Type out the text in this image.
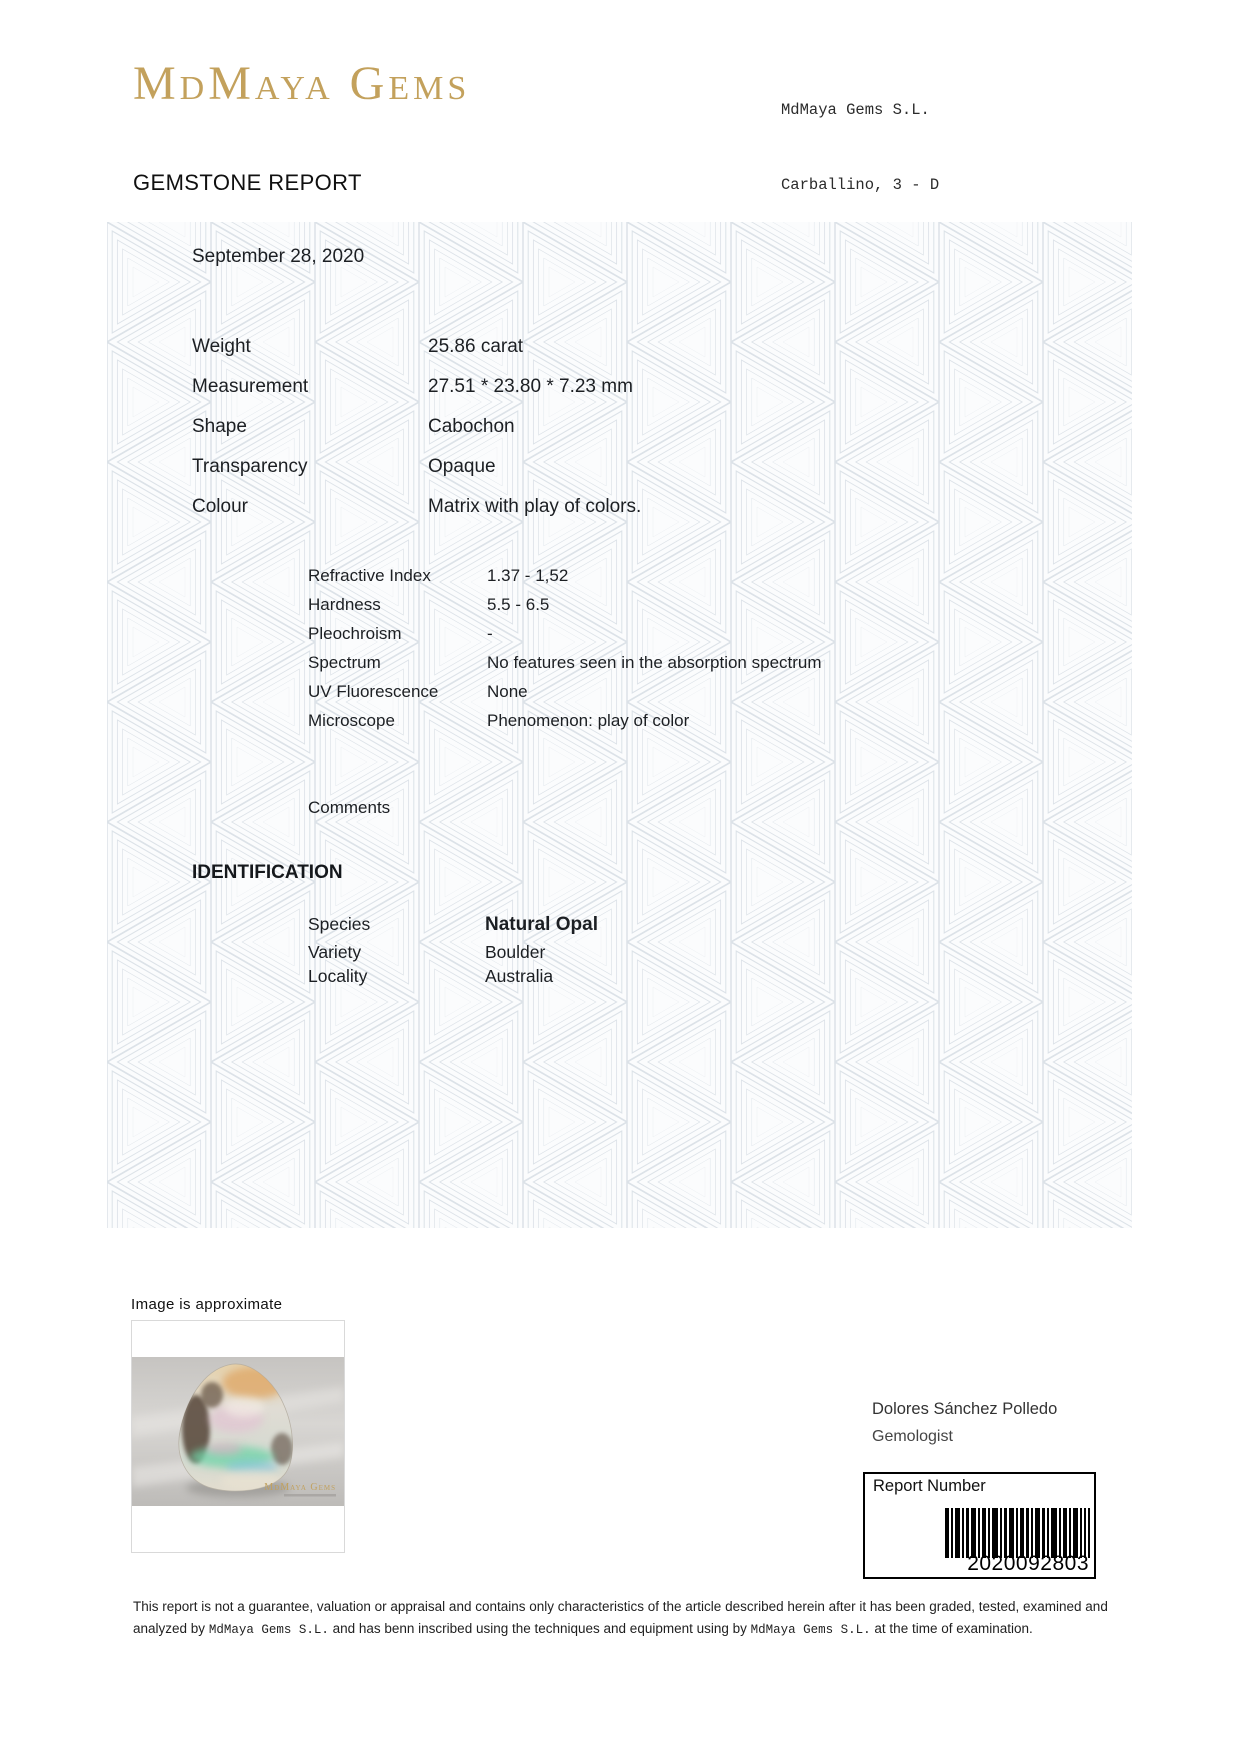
MdMaya Gems

	MdMaya Gems S.L.

Carballino, 3 - D

GEMSTONE REPORT
September 28, 2020
Weight	25.86 carat
Measurement	27.51 * 23.80 * 7.23 mm
Shape	Cabochon
Transparency	Opaque
Colour	Matrix with play of colors.
Refractive Index	1.37 - 1,52
Hardness	5.5 - 6.5
Pleochroism	-
Spectrum	No features seen in the absorption spectrum
UV Fluorescence	None
Microscope	Phenomenon: play of color
Comments
IDENTIFICATION
Species	Natural Opal
Variety	Boulder
Locality	Australia
Image is approximate
MdMaya Gems
Dolores Sánchez Polledo
Gemologist
Report Number
2020092803

This report is not a guarantee, valuation or appraisal and contains only characteristics of the article described herein after it has been graded, tested, examined and analyzed by MdMaya Gems S.L. and has benn inscribed using the techniques and equipment using by MdMaya Gems S.L. at the time of examination.
